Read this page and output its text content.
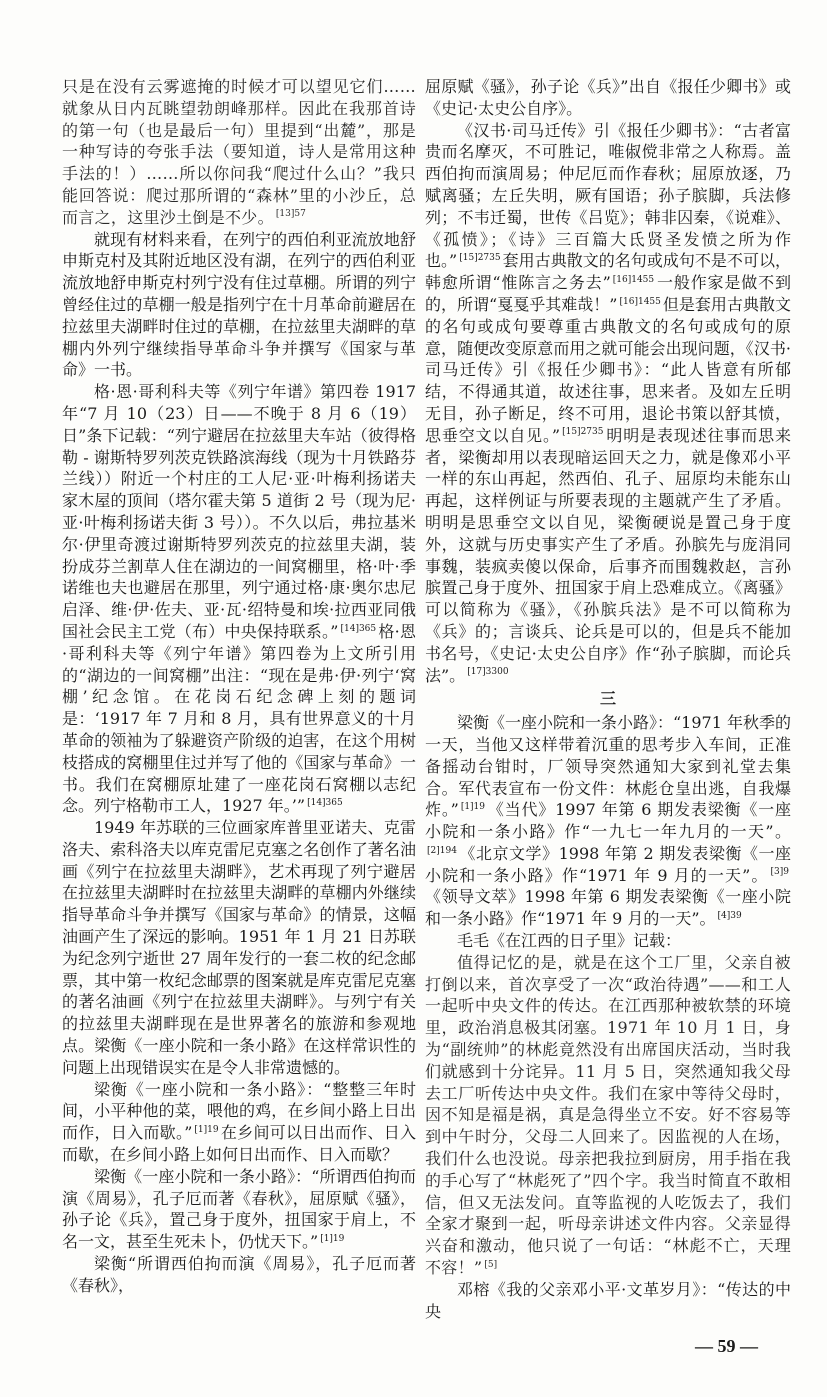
只是在没有云雾遮掩的时候才可以望见它们……就象从日内瓦眺望勃朗峰那样。因此在我那首诗的第一句（也是最后一句）里提到“出麓”，那是一种写诗的夸张手法（要知道，诗人是常用这种手法的！）……所以你问我“爬过什么山？”我只能回答说：爬过那所谓的“森林”里的小沙丘，总而言之，这里沙土倒是不少。 $^{[13]57}$

就现有材料来看，在列宁的西伯利亚流放地舒申斯克村及其附近地区没有湖，在列宁的西伯利亚流放地舒申斯克村列宁没有住过草棚。所谓的列宁曾经住过的草棚一般是指列宁在十月革命前避居在拉兹里夫湖畔时住过的草棚，在拉兹里夫湖畔的草棚内外列宁继续指导革命斗争并撰写《国家与革命》一书。

格·恩·哥利科夫等《列宁年谱》第四卷 1917 年“7 月 10（23）日——不晚于 8 月 6（19）日”条下记载：“列宁避居在拉兹里夫车站（彼得格勒 - 谢斯特罗列茨克铁路滨海线（现为十月铁路芬兰线））附近一个村庄的工人尼·亚·叶梅利扬诺夫家木屋的顶间（塔尔霍夫第 5 道街 2 号（现为尼·亚·叶梅利扬诺夫街 3 号））。不久以后，弗拉基米尔·伊里奇渡过谢斯特罗列茨克的拉兹里夫湖，装扮成芬兰割草人住在湖边的一间窝棚里，格·叶·季诺维也夫也避居在那里，列宁通过格·康·奥尔忠尼启泽、维·伊·佐夫、亚·瓦·绍特曼和埃·拉西亚同俄国社会民主工党（布）中央保持联系。” $^{[14]365}$ 格·恩·哥利科夫等《列宁年谱》第四卷为上文所引用的“湖边的一间窝棚”出注：“现在是弗·伊·列宁‘窝棚’纪念馆。在花岗石纪念碑上刻的题词是：‘1917 年 7 月和 8 月，具有世界意义的十月革命的领袖为了躲避资产阶级的迫害，在这个用树枝搭成的窝棚里住过并写了他的《国家与革命》一书。我们在窝棚原址建了一座花岗石窝棚以志纪念。列宁格勒市工人，1927 年。’” $^{[14]365}$

1949 年苏联的三位画家库普里亚诺夫、克雷洛夫、索科洛夫以库克雷尼克塞之名创作了著名油画《列宁在拉兹里夫湖畔》，艺术再现了列宁避居在拉兹里夫湖畔时在拉兹里夫湖畔的草棚内外继续指导革命斗争并撰写《国家与革命》的情景，这幅油画产生了深远的影响。1951 年 1 月 21 日苏联为纪念列宁逝世 27 周年发行的一套二枚的纪念邮票，其中第一枚纪念邮票的图案就是库克雷尼克塞的著名油画《列宁在拉兹里夫湖畔》。与列宁有关的拉兹里夫湖畔现在是世界著名的旅游和参观地点。梁衡《一座小院和一条小路》在这样常识性的问题上出现错误实在是令人非常遗憾的。

梁衡《一座小院和一条小路》：“整整三年时间，小平种他的菜，喂他的鸡，在乡间小路上日出而作，日入而歇。” $^{[1]19}$ 在乡间可以日出而作、日入而歇，在乡间小路上如何日出而作、日入而歇？

梁衡《一座小院和一条小路》：“所谓西伯拘而演《周易》，孔子厄而著《春秋》，屈原赋《骚》，孙子论《兵》，置己身于度外，扭国家于肩上，不名一文，甚至生死未卜，仍忧天下。” $^{[1]19}$

梁衡“所谓西伯拘而演《周易》，孔子厄而著《春秋》，

屈原赋《骚》，孙子论《兵》”出自《报任少卿书》或《史记·太史公自序》。

《汉书·司马迁传》引《报任少卿书》：“古者富贵而名摩灭，不可胜记，唯俶傥非常之人称焉。盖西伯拘而演周易；仲尼厄而作春秋；屈原放逐，乃赋离骚；左丘失明，厥有国语；孙子膑脚，兵法修列；不韦迁蜀，世传《吕览》；韩非囚秦，《说难》、《孤愤》；《诗》三百篇大氐贤圣发愤之所为作也。” $^{[15]2735}$ 套用古典散文的名句或成句不是不可以，韩愈所谓“惟陈言之务去” $^{[16]1455}$ 一般作家是做不到的，所谓“戛戛乎其难哉！” $^{[16]1455}$ 但是套用古典散文的名句或成句要尊重古典散文的名句或成句的原意，随便改变原意而用之就可能会出现问题，《汉书·司马迁传》引《报任少卿书》：“此人皆意有所郁结，不得通其道，故述往事，思来者。及如左丘明无目，孙子断足，终不可用，退论书策以舒其愤，思垂空文以自见。” $^{[15]2735}$ 明明是表现述往事而思来者，梁衡却用以表现暗运回天之力，就是像邓小平一样的东山再起，然西伯、孔子、屈原均未能东山再起，这样例证与所要表现的主题就产生了矛盾。明明是思垂空文以自见，梁衡硬说是置己身于度外，这就与历史事实产生了矛盾。孙膑先与庞涓同事魏，装疯卖傻以保命，后事齐而围魏救赵，言孙膑置己身于度外、扭国家于肩上恐难成立。《离骚》可以简称为《骚》，《孙膑兵法》是不可以简称为《兵》的；言谈兵、论兵是可以的，但是兵不能加书名号，《史记·太史公自序》作“孙子膑脚，而论兵法”。 $^{[17]3300}$

三

梁衡《一座小院和一条小路》：“1971 年秋季的一天，当他又这样带着沉重的思考步入车间，正准备摇动台钳时，厂领导突然通知大家到礼堂去集合。军代表宣布一份文件：林彪仓皇出逃，自我爆炸。” $^{[1]19}$ 《当代》1997 年第 6 期发表梁衡《一座小院和一条小路》作“一九七一年九月的一天”。$^{[2]194}$ 《北京文学》1998 年第 2 期发表梁衡《一座小院和一条小路》作“1971 年 9 月的一天”。 $^{[3]9}$《领导文萃》1998 年第 6 期发表梁衡《一座小院和一条小路》作“1971 年 9 月的一天”。 $^{[4]39}$

毛毛《在江西的日子里》记载：

值得记忆的是，就是在这个工厂里，父亲自被打倒以来，首次享受了一次“政治待遇”——和工人一起听中央文件的传达。在江西那种被软禁的环境里，政治消息极其闭塞。1971 年 10 月 1 日，身为“副统帅”的林彪竟然没有出席国庆活动，当时我们就感到十分诧异。11 月 5 日，突然通知我父母去工厂听传达中央文件。我们在家中等待父母时，因不知是福是祸，真是急得坐立不安。好不容易等到中午时分，父母二人回来了。因监视的人在场，我们什么也没说。母亲把我拉到厨房，用手指在我的手心写了“林彪死了”四个字。我当时简直不敢相信，但又无法发问。直等监视的人吃饭去了，我们全家才聚到一起，听母亲讲述文件内容。父亲显得兴奋和激动，他只说了一句话：“林彪不亡，天理不容！” [5]

邓榕《我的父亲邓小平·文革岁月》：“传达的中央

— 59 —
